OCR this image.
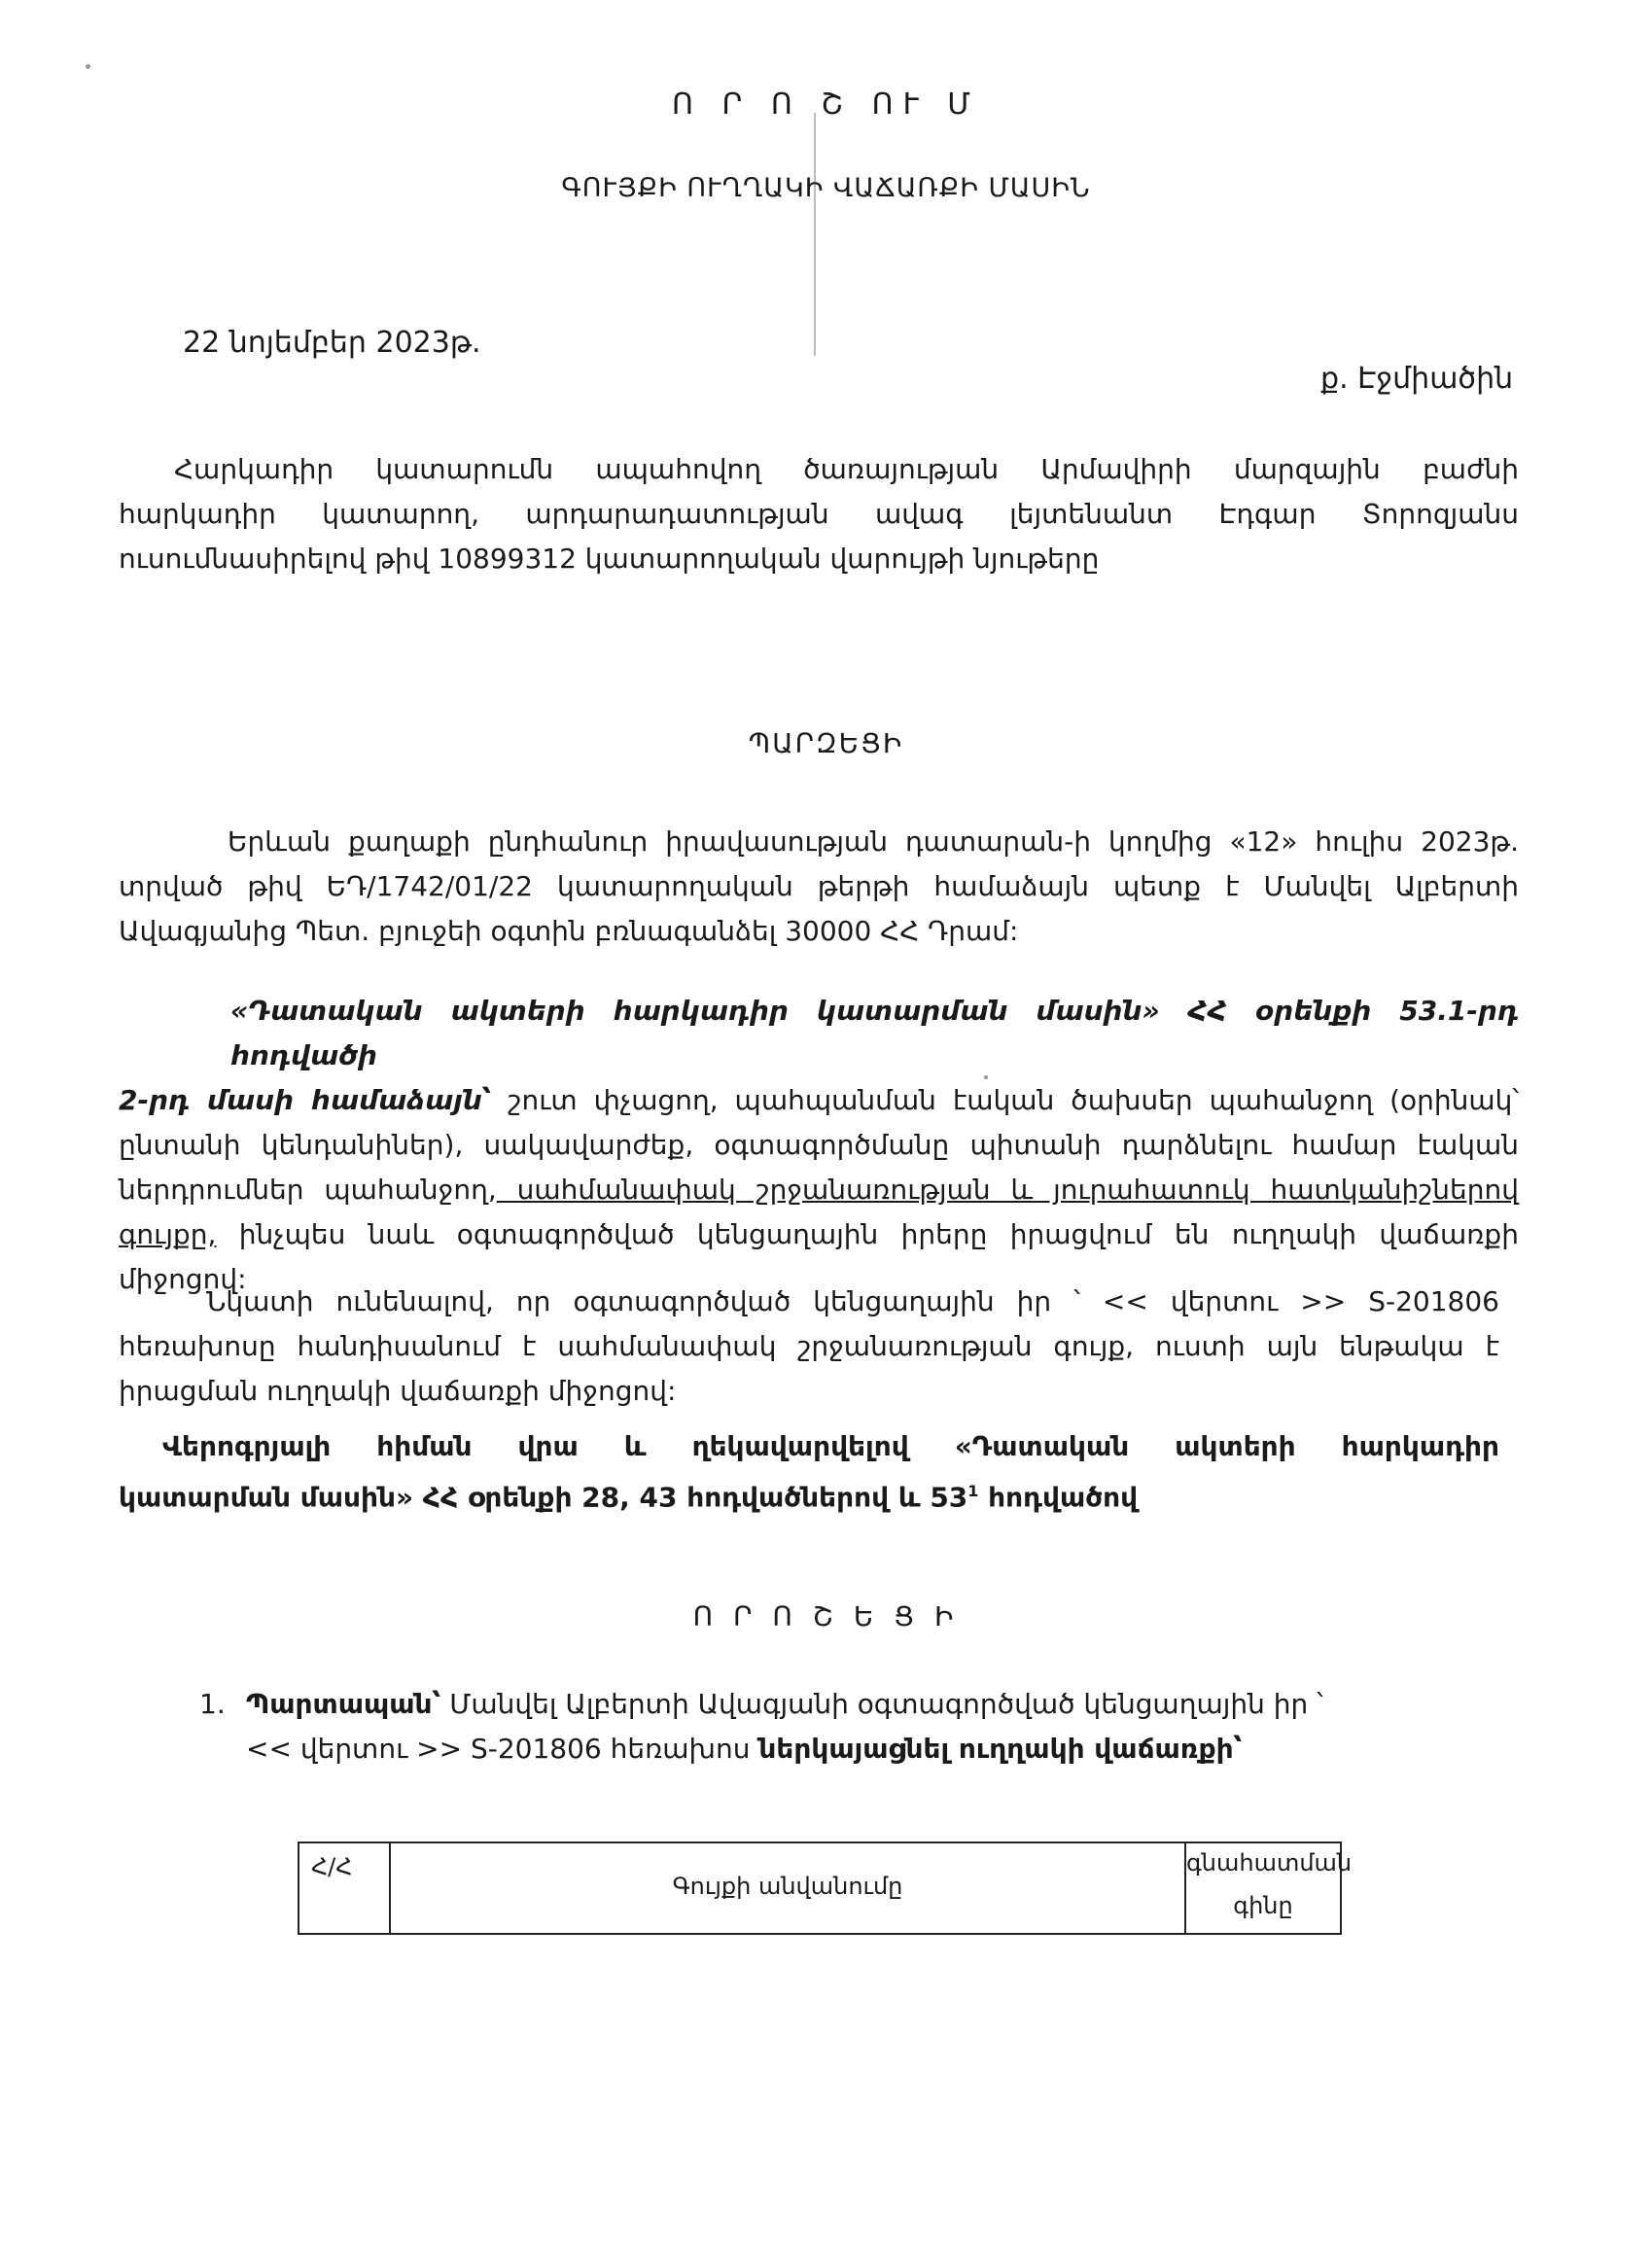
Ո Ր Ո Շ ՈՒ Մ
ԳՈՒՅՔԻ ՈՒՂՂԱԿԻ ՎԱՃԱՌՔԻ ՄԱՍԻՆ
22 նոյեմբեր 2023թ.
ք. Էջմիածին
Հարկադիր կատարումն ապահովող ծառայության Արմավիրի մարզային բաժնի
հարկադիր կատարող, արդարադատության ավագ լեյտենանտ Էդգար Տորոզյանս
ուսումնասիրելով թիվ 10899312 կատարողական վարույթի նյութերը
ՊԱՐԶԵՑԻ
Երևան քաղաքի ընդհանուր իրավասության դատարան-ի կողմից «12» հուլիս 2023թ.
տրված թիվ ԵԴ/1742/01/22 կատարողական թերթի համաձայն պետք է Մանվել Ալբերտի
Ավագյանից Պետ. բյուջեի օգտին բռնագանձել 30000 ՀՀ Դրամ:
«Դատական ակտերի հարկադիր կատարման մասին» ՀՀ օրենքի 53.1-րդ հոդվածի
2-րդ մասի համաձայն՝ շուտ փչացող, պահպանման էական ծախսեր պահանջող (օրինակ՝
ընտանի կենդանիներ), սակավարժեք, օգտագործմանը պիտանի դարձնելու համար էական
ներդրումներ պահանջող, սահմանափակ շրջանառության և յուրահատուկ հատկանիշներով
գույքը, ինչպես նաև օգտագործված կենցաղային իրերը իրացվում են ուղղակի վաճառքի
միջոցով:
Նկատի ունենալով, որ օգտագործված կենցաղային իր ՝ << վերտու >> S-201806
հեռախոսը հանդիսանում է սահմանափակ շրջանառության գույք, ուստի այն ենթակա է
իրացման ուղղակի վաճառքի միջոցով:
Վերոգրյալի հիման վրա և ղեկավարվելով «Դատական ակտերի հարկադիր
կատարման մասին» ՀՀ օրենքի 28, 43 հոդվածներով և $53^1$ հոդվածով
Ո Ր Ո Շ Ե Ց Ի
1. Պարտապան՝ Մանվել Ալբերտի Ավագյանի օգտագործված կենցաղային իր ՝
<< վերտու >> S-201806 հեռախոս ներկայացնել ուղղակի վաճառքի՝
Հ/Հ
Գույքի անվանումը
գնահատման
գինը
